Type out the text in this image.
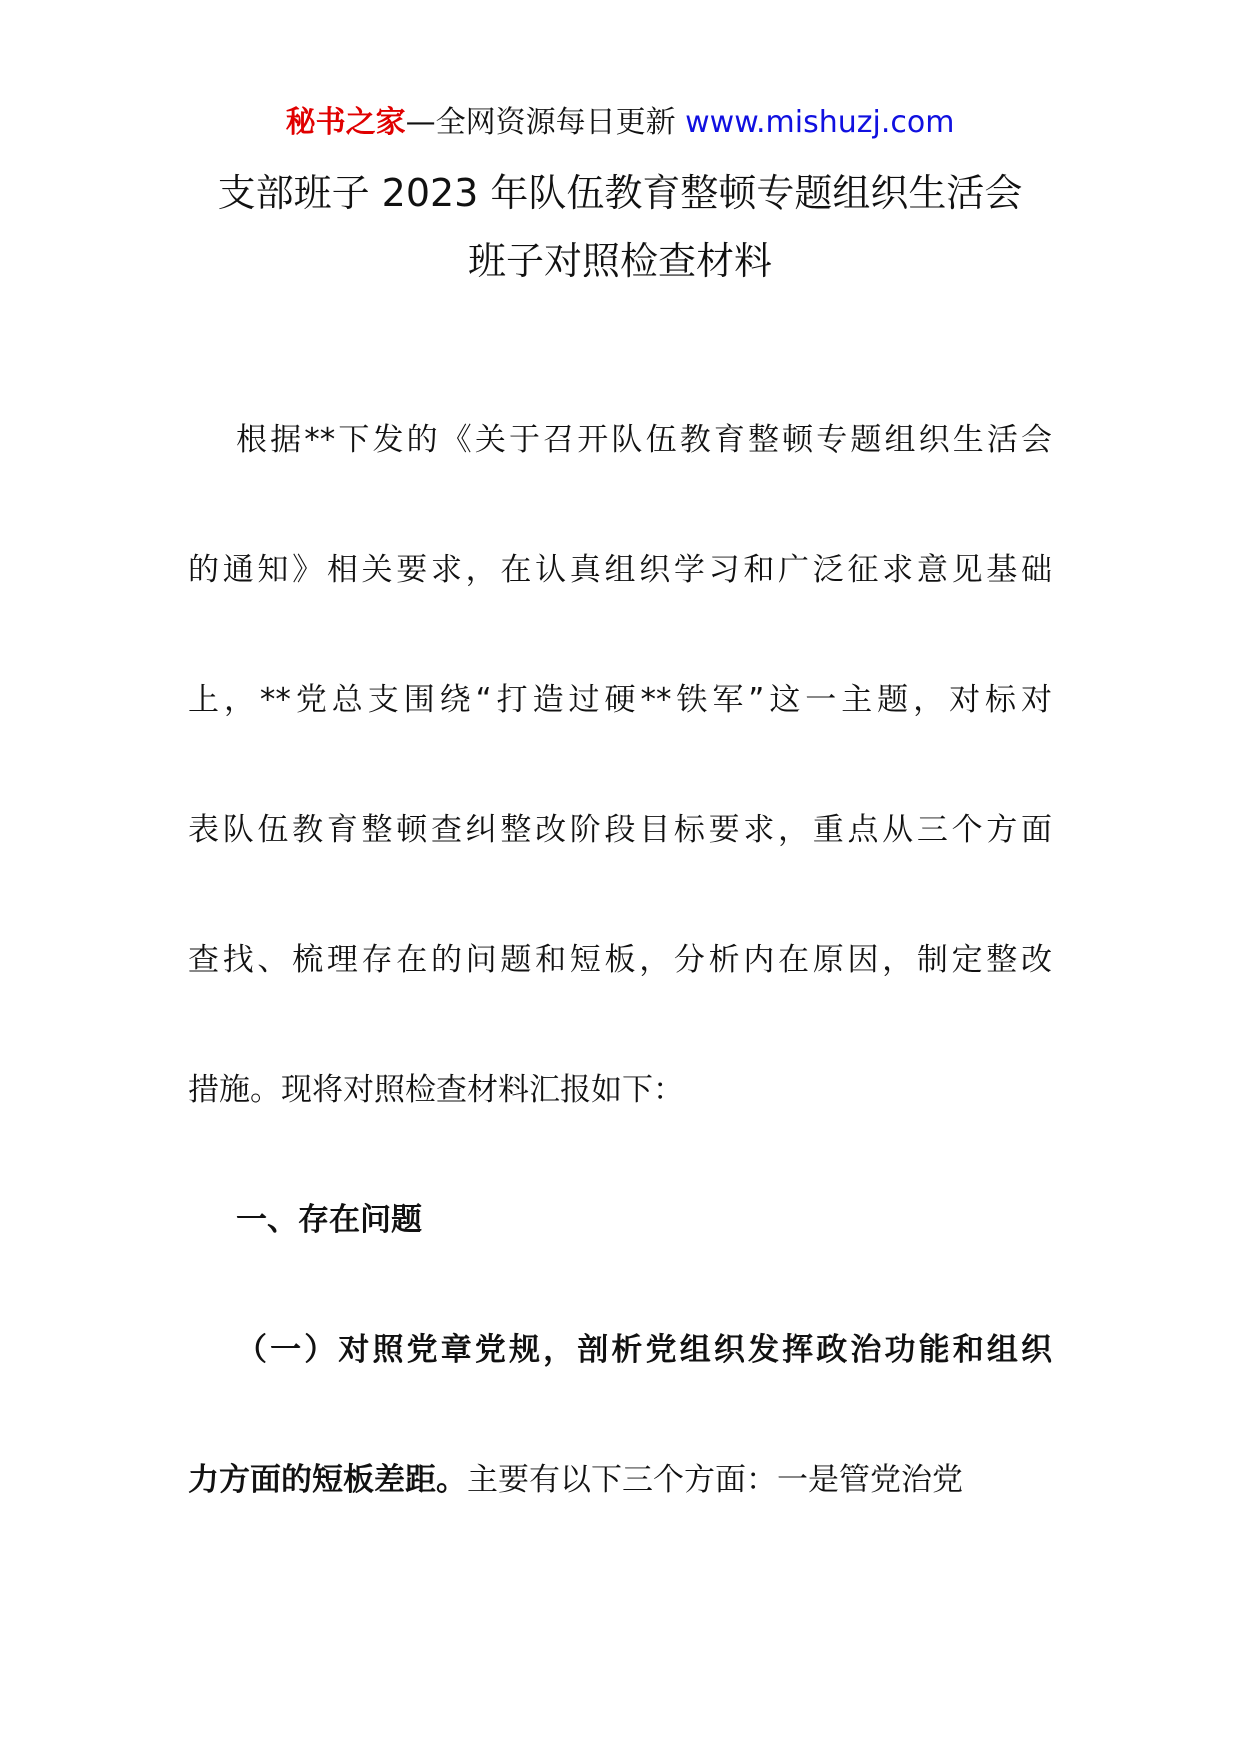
秘书之家—全网资源每日更新 www.mishuzj.com
支部班子 2023 年队伍教育整顿专题组织生活会
班子对照检查材料
根据**下发的《关于召开队伍教育整顿专题组织生活会
的通知》相关要求，在认真组织学习和广泛征求意见基础
上，**党总支围绕“打造过硬**铁军”这一主题，对标对
表队伍教育整顿查纠整改阶段目标要求，重点从三个方面
查找、梳理存在的问题和短板，分析内在原因，制定整改
措施。现将对照检查材料汇报如下：
一、存在问题
（一）对照党章党规，剖析党组织发挥政治功能和组织
力方面的短板差距。主要有以下三个方面：一是管党治党
